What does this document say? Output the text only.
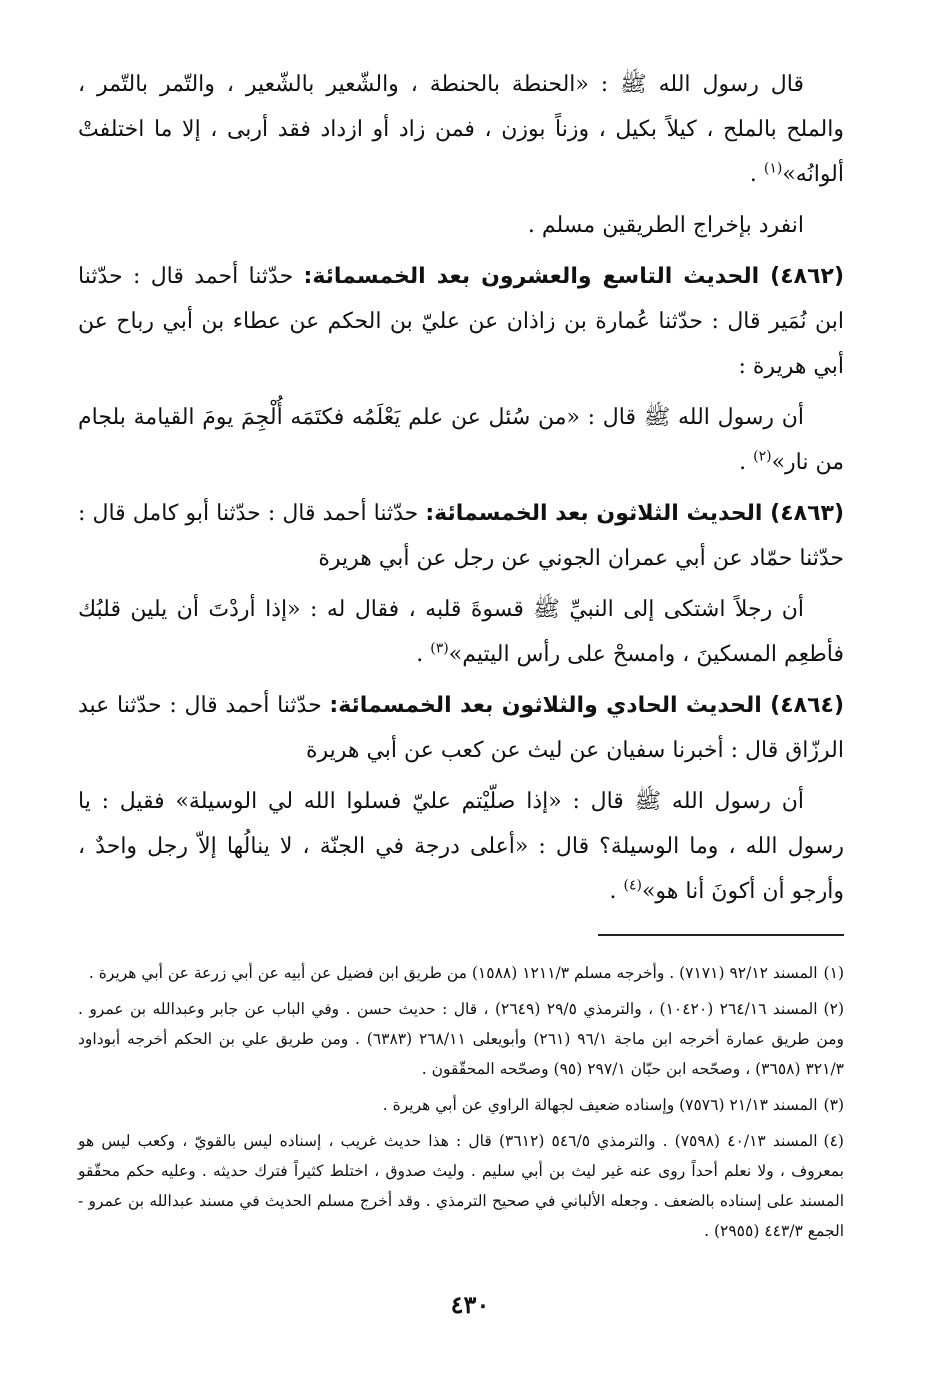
قال رسول الله ﷺ : «الحنطة بالحنطة ، والشّعير بالشّعير ، والتّمر بالتّمر ، والملح بالملح ، كيلاً بكيل ، وزناً بوزن ، فمن زاد أو ازداد فقد أربى ، إلا ما اختلفتْ ألوانُه»$^{(١)}$ .

انفرد بإخراج الطريقين مسلم .

(٤٨٦٢) الحديث التاسع والعشرون بعد الخمسمائة: حدّثنا أحمد قال : حدّثنا ابن نُمَير قال : حدّثنا عُمارة بن زاذان عن عليّ بن الحكم عن عطاء بن أبي رباح عن أبي هريرة :

أن رسول الله ﷺ قال : «من سُئل عن علم يَعْلَمُه فكتَمَه أُلْجِمَ يومَ القيامة بلجام من نار»$^{(٢)}$ .

(٤٨٦٣) الحديث الثلاثون بعد الخمسمائة: حدّثنا أحمد قال : حدّثنا أبو كامل قال : حدّثنا حمّاد عن أبي عمران الجوني عن رجل عن أبي هريرة

أن رجلاً اشتكى إلى النبيِّ ﷺ قسوةَ قلبه ، فقال له : «إذا أردْتَ أن يلين قلبُك فأطعِم المسكينَ ، وامسحْ على رأس اليتيم»$^{(٣)}$ .

(٤٨٦٤) الحديث الحادي والثلاثون بعد الخمسمائة: حدّثنا أحمد قال : حدّثنا عبد الرزّاق قال : أخبرنا سفيان عن ليث عن كعب عن أبي هريرة

أن رسول الله ﷺ قال : «إذا صلّيْتم عليّ فسلوا الله لي الوسيلة» فقيل : يا رسول الله ، وما الوسيلة؟ قال : «أعلى درجة في الجنّة ، لا ينالُها إلاّ رجل واحدٌ ، وأرجو أن أكونَ أنا هو»$^{(٤)}$ .

(١)المسند ٩٢/١٢ (٧١٧١) . وأخرجه مسلم ١٢١١/٣ (١٥٨٨) من طريق ابن فضيل عن أبيه عن أبي زرعة عن أبي هريرة .

(٢)المسند ٢٦٤/١٦ (١٠٤٢٠) ، والترمذي ٢٩/٥ (٢٦٤٩) ، قال : حديث حسن . وفي الباب عن جابر وعبدالله بن عمرو . ومن طريق عمارة أخرجه ابن ماجة ٩٦/١ (٢٦١) وأبويعلى ٢٦٨/١١ (٦٣٨٣) . ومن طريق علي بن الحكم أخرجه أبوداود ٣٢١/٣ (٣٦٥٨) ، وصحّحه ابن حبّان ٢٩٧/١ (٩٥) وصحّحه المحقّقون .

(٣)المسند ٢١/١٣ (٧٥٧٦) وإسناده ضعيف لجهالة الراوي عن أبي هريرة .

(٤)المسند ٤٠/١٣ (٧٥٩٨) . والترمذي ٥٤٦/٥ (٣٦١٢) قال : هذا حديث غريب ، إسناده ليس بالقويّ ، وكعب ليس هو بمعروف ، ولا نعلم أحداً روى عنه غير ليث بن أبي سليم . وليث صدوق ، اختلط كثيراً فترك حديثه . وعليه حكم محقّقو المسند على إسناده بالضعف . وجعله الألباني في صحيح الترمذي . وقد أخرج مسلم الحديث في مسند عبدالله بن عمرو - الجمع ٤٤٣/٣ (٢٩٥٥) .

٤٣٠
